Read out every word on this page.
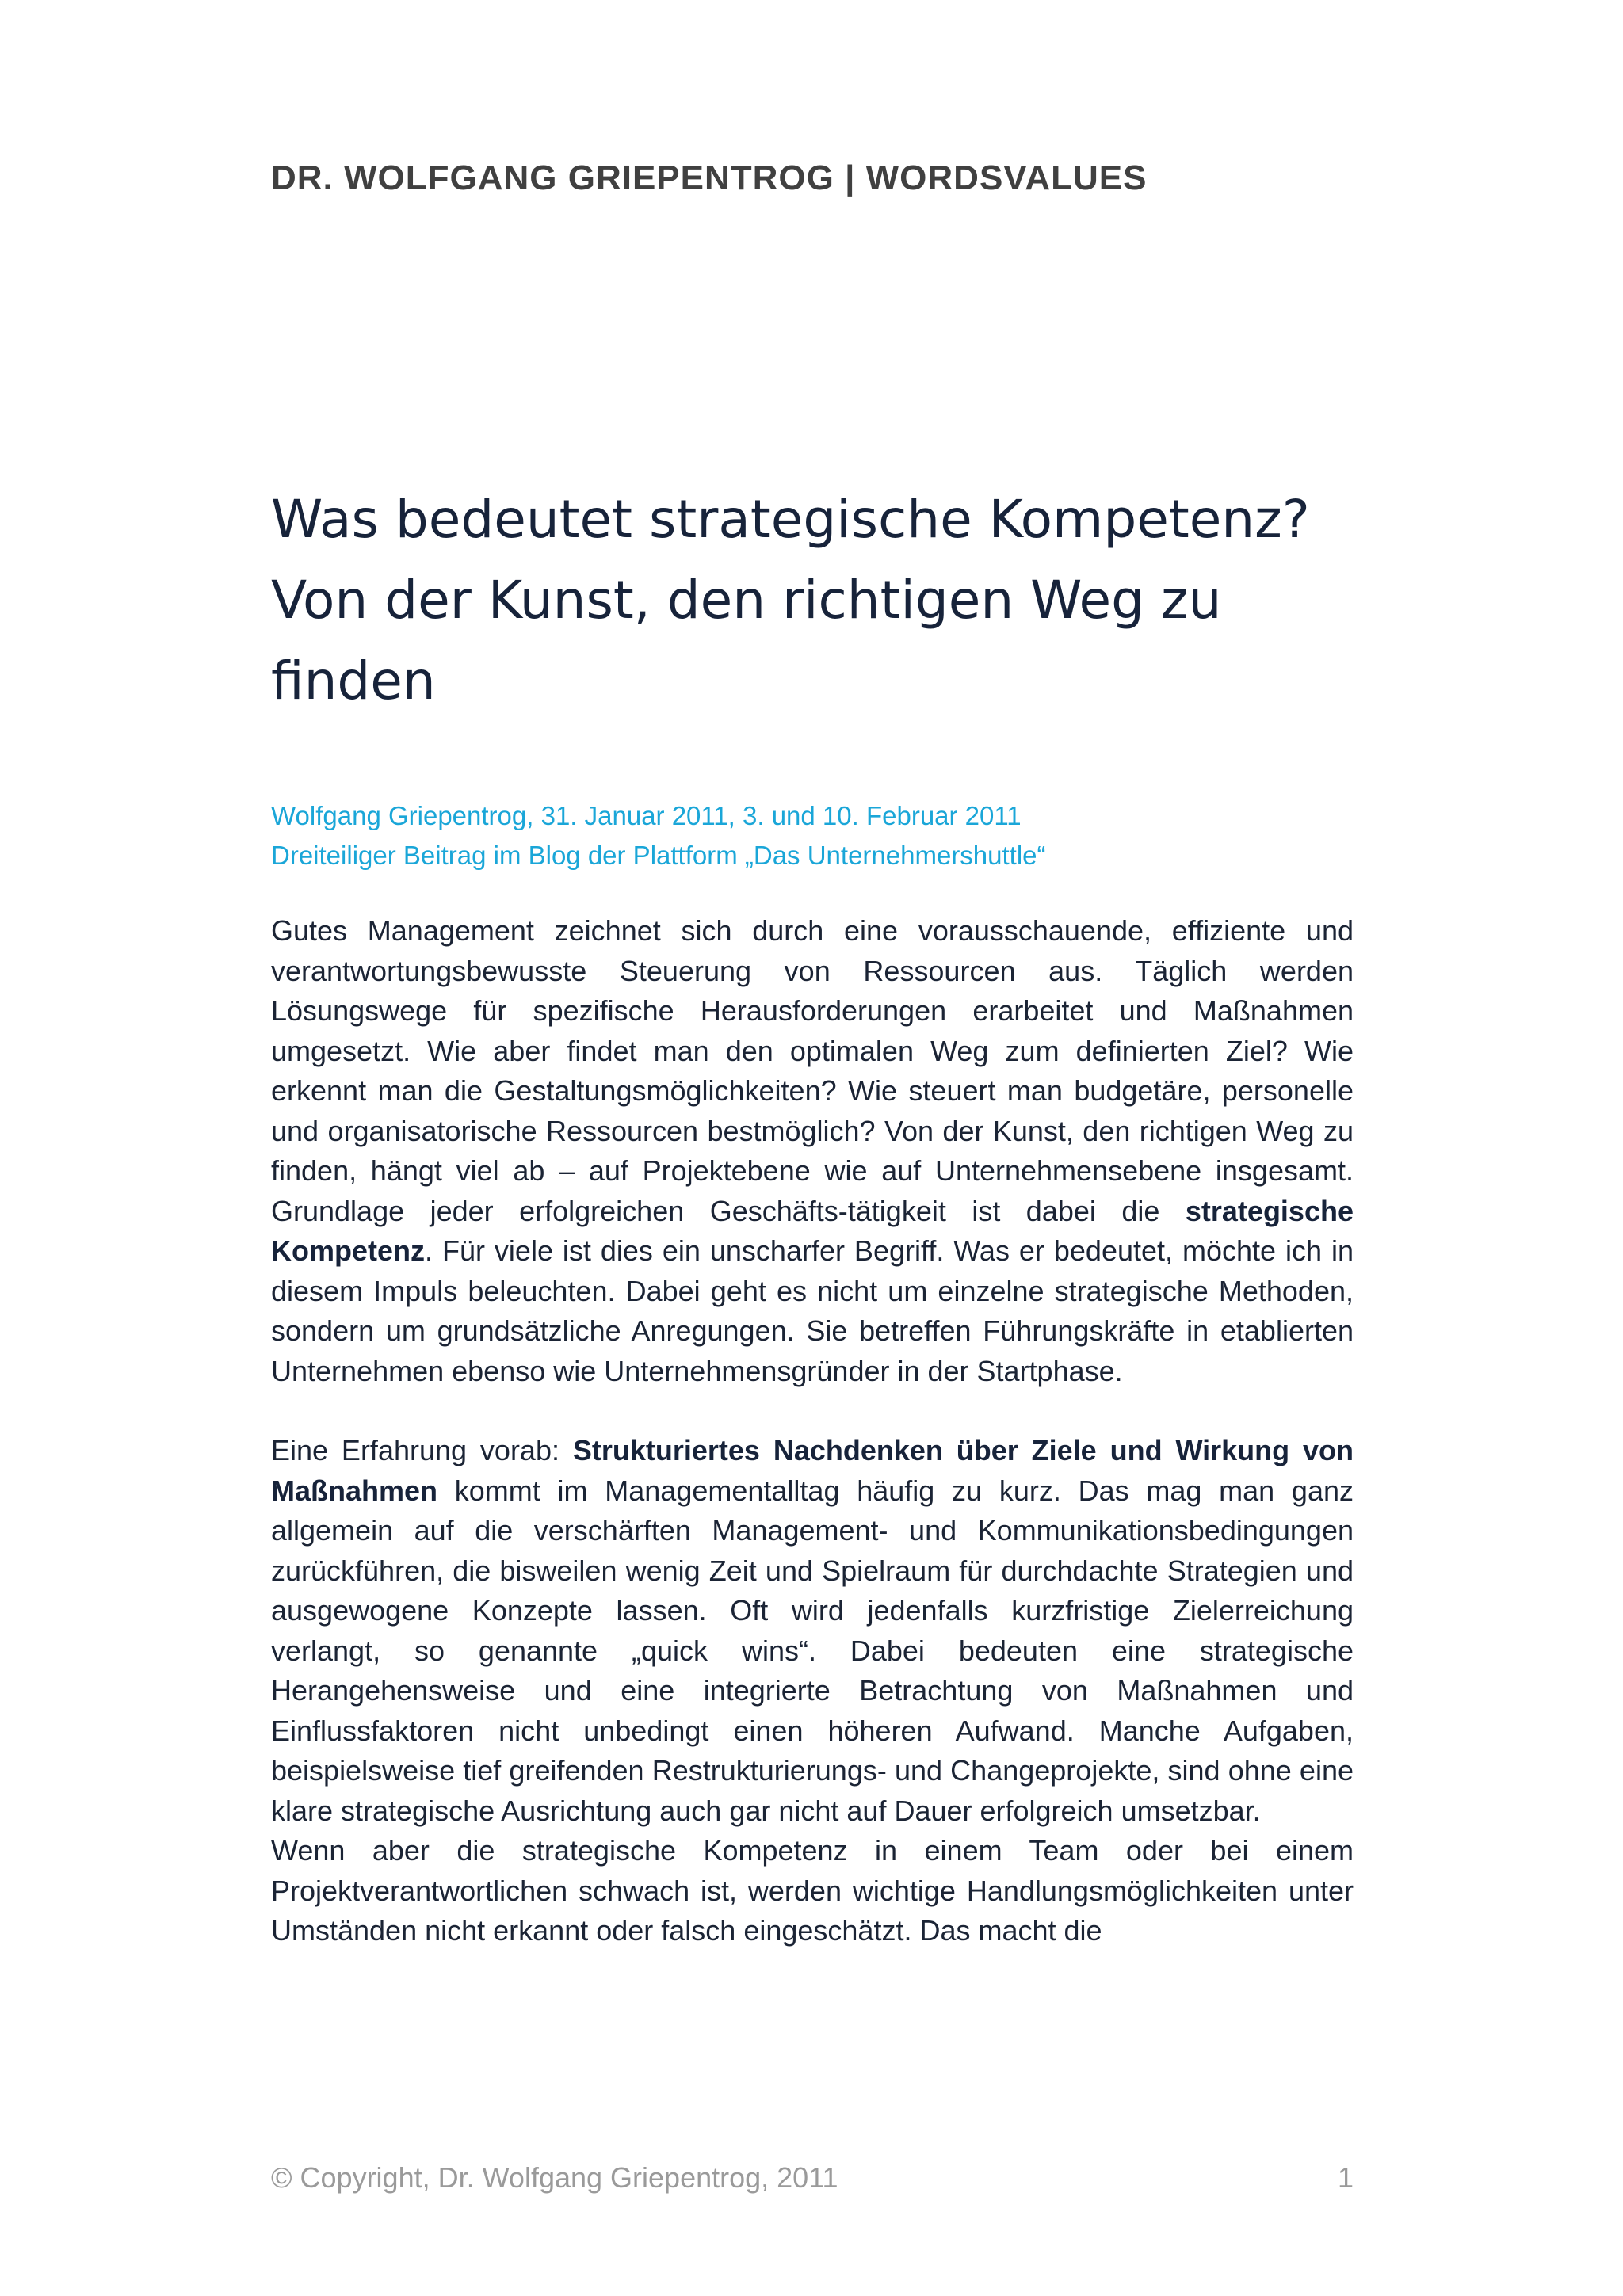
DR. WOLFGANG GRIEPENTROG | WORDSVALUES
Was bedeutet strategische Kompetenz?
Von der Kunst, den richtigen Weg zu
finden
Wolfgang Griepentrog, 31. Januar 2011, 3. und 10. Februar 2011
Dreiteiliger Beitrag im Blog der Plattform „Das Unternehmershuttle“

Gutes Management zeichnet sich durch eine vorausschauende, effiziente und verantwortungsbewusste Steuerung von Ressourcen aus. Täglich werden Lösungswege für spezifische Herausforderungen erarbeitet und Maßnahmen umgesetzt. Wie aber findet man den optimalen Weg zum definierten Ziel? Wie erkennt man die Gestaltungsmöglichkeiten? Wie steuert man budgetäre, personelle und organisatorische Ressourcen bestmöglich? Von der Kunst, den richtigen Weg zu finden, hängt viel ab – auf Projektebene wie auf Unternehmensebene insgesamt. Grundlage jeder erfolgreichen Geschäfts-tätigkeit ist dabei die strategische Kompetenz. Für viele ist dies ein unscharfer Begriff. Was er bedeutet, möchte ich in diesem Impuls beleuchten. Dabei geht es nicht um einzelne strategische Methoden, sondern um grundsätzliche Anregungen. Sie betreffen Führungskräfte in etablierten Unternehmen ebenso wie Unternehmensgründer in der Startphase.

Eine Erfahrung vorab: Strukturiertes Nachdenken über Ziele und Wirkung von Maßnahmen kommt im Managementalltag häufig zu kurz. Das mag man ganz allgemein auf die verschärften Management- und Kommunikationsbedingungen zurückführen, die bisweilen wenig Zeit und Spielraum für durchdachte Strategien und ausgewogene Konzepte lassen. Oft wird jedenfalls kurzfristige Zielerreichung verlangt, so genannte „quick wins“. Dabei bedeuten eine strategische Herangehensweise und eine integrierte Betrachtung von Maßnahmen und Einflussfaktoren nicht unbedingt einen höheren Aufwand. Manche Aufgaben, beispielsweise tief greifenden Restrukturierungs- und Changeprojekte, sind ohne eine klare strategische Ausrichtung auch gar nicht auf Dauer erfolgreich umsetzbar.

Wenn aber die strategische Kompetenz in einem Team oder bei einem Projektverantwortlichen schwach ist, werden wichtige Handlungsmöglichkeiten unter Umständen nicht erkannt oder falsch eingeschätzt. Das macht die

© Copyright, Dr. Wolfgang Griepentrog, 2011	1
